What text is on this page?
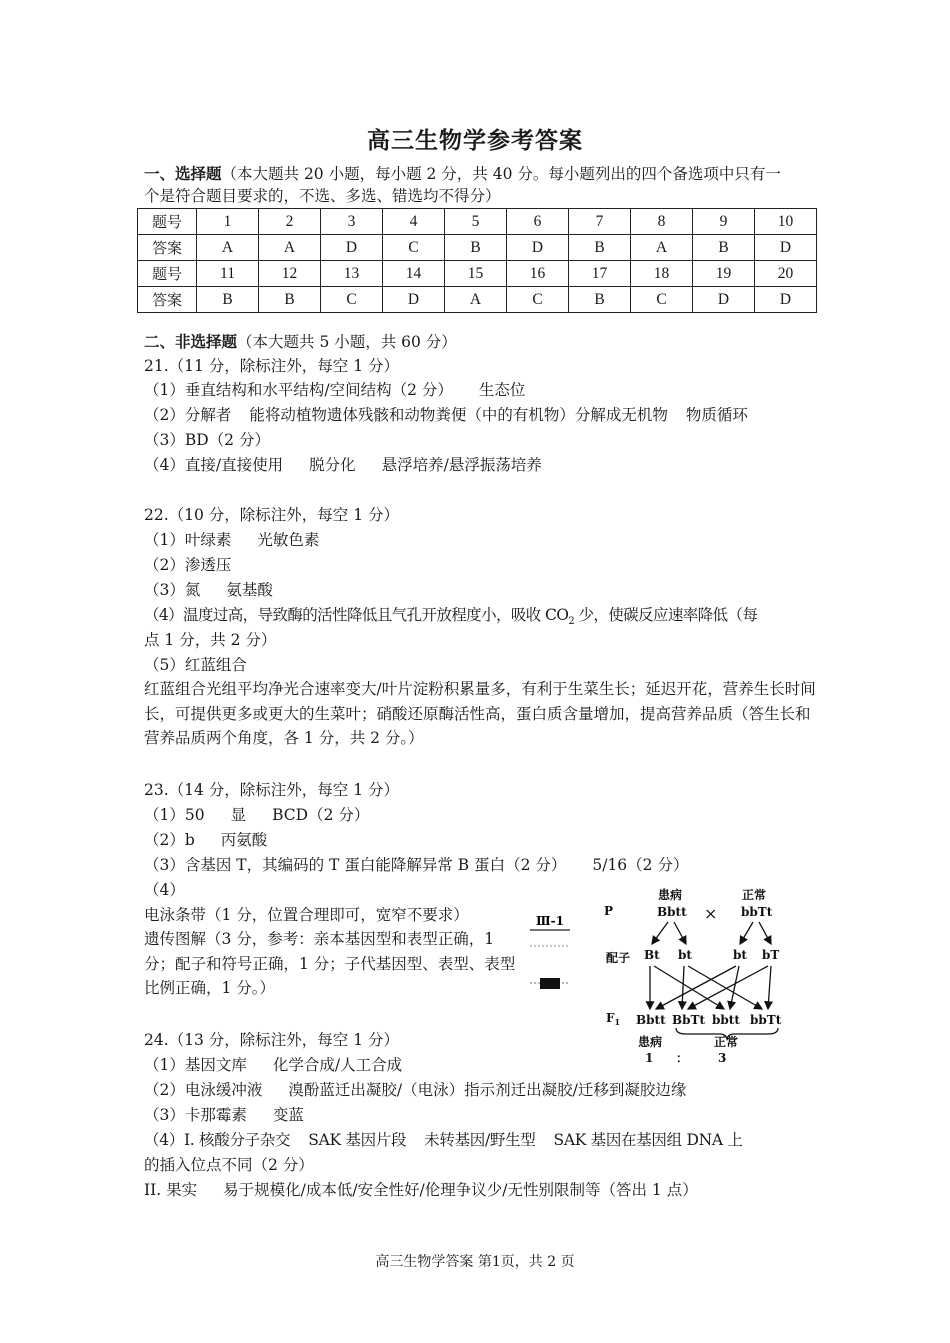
高三生物学参考答案
一、选择题（本大题共 20 小题，每小题 2 分，共 40 分。每小题列出的四个备选项中只有一
个是符合题目要求的，不选、多选、错选均不得分）
题号	1	2	3	4	5	6	7	8	9	10
答案	A	A	D	C	B	D	B	A	B	D
题号	11	12	13	14	15	16	17	18	19	20
答案	B	B	C	D	A	C	B	C	D	D
二、非选择题（本大题共 5 小题，共 60 分）
21.（11 分，除标注外，每空 1 分）
（1）垂直结构和水平结构/空间结构（2 分） 生态位
（2）分解者 能将动植物遗体残骸和动物粪便（中的有机物）分解成无机物 物质循环
（3）BD（2 分）
（4）直接/直接使用 脱分化 悬浮培养/悬浮振荡培养
22.（10 分，除标注外，每空 1 分）
（1）叶绿素 光敏色素
（2）渗透压
（3）氮 氨基酸
（4）温度过高，导致酶的活性降低且气孔开放程度小，吸收 $CO_2$ 少，使碳反应速率降低（每
点 1 分，共 2 分）
（5）红蓝组合

红蓝组合光组平均净光合速率变大/叶片淀粉积累量多，有利于生菜生长；延迟开花，营养生长时间长，可提供更多或更大的生菜叶；硝酸还原酶活性高，蛋白质含量增加，提高营养品质（答生长和营养品质两个角度，各 1 分，共 2 分。）

23.（14 分，除标注外，每空 1 分）
（1）50 显 BCD（2 分）
（2）b 丙氨酸
（3）含基因 T，其编码的 T 蛋白能降解异常 B 蛋白（2 分） 5/16（2 分）
（4）
电泳条带（1 分，位置合理即可，宽窄不要求）

遗传图解（3 分，参考：亲本基因型和表型正确，1 分；配子和符号正确，1 分；子代基因型、表型、表型比例正确，1 分。）

Ⅲ-1
P
患病
Bbtt ×
正常
bbTt
配子 Bt bt	bt bT
$F_1$ Bbtt BbTt bbtt bbTt
患病	正常
1 ： 3
24.（13 分，除标注外，每空 1 分）
（1）基因文库 化学合成/人工合成
（2）电泳缓冲液 溴酚蓝迁出凝胶/（电泳）指示剂迁出凝胶/迁移到凝胶边缘
（3）卡那霉素 变蓝
（4）I. 核酸分子杂交 SAK 基因片段 未转基因/野生型 SAK 基因在基因组 DNA 上
的插入位点不同（2 分）
II. 果实 易于规模化/成本低/安全性好/伦理争议少/无性别限制等（答出 1 点）
高三生物学答案 第1页，共 2 页
